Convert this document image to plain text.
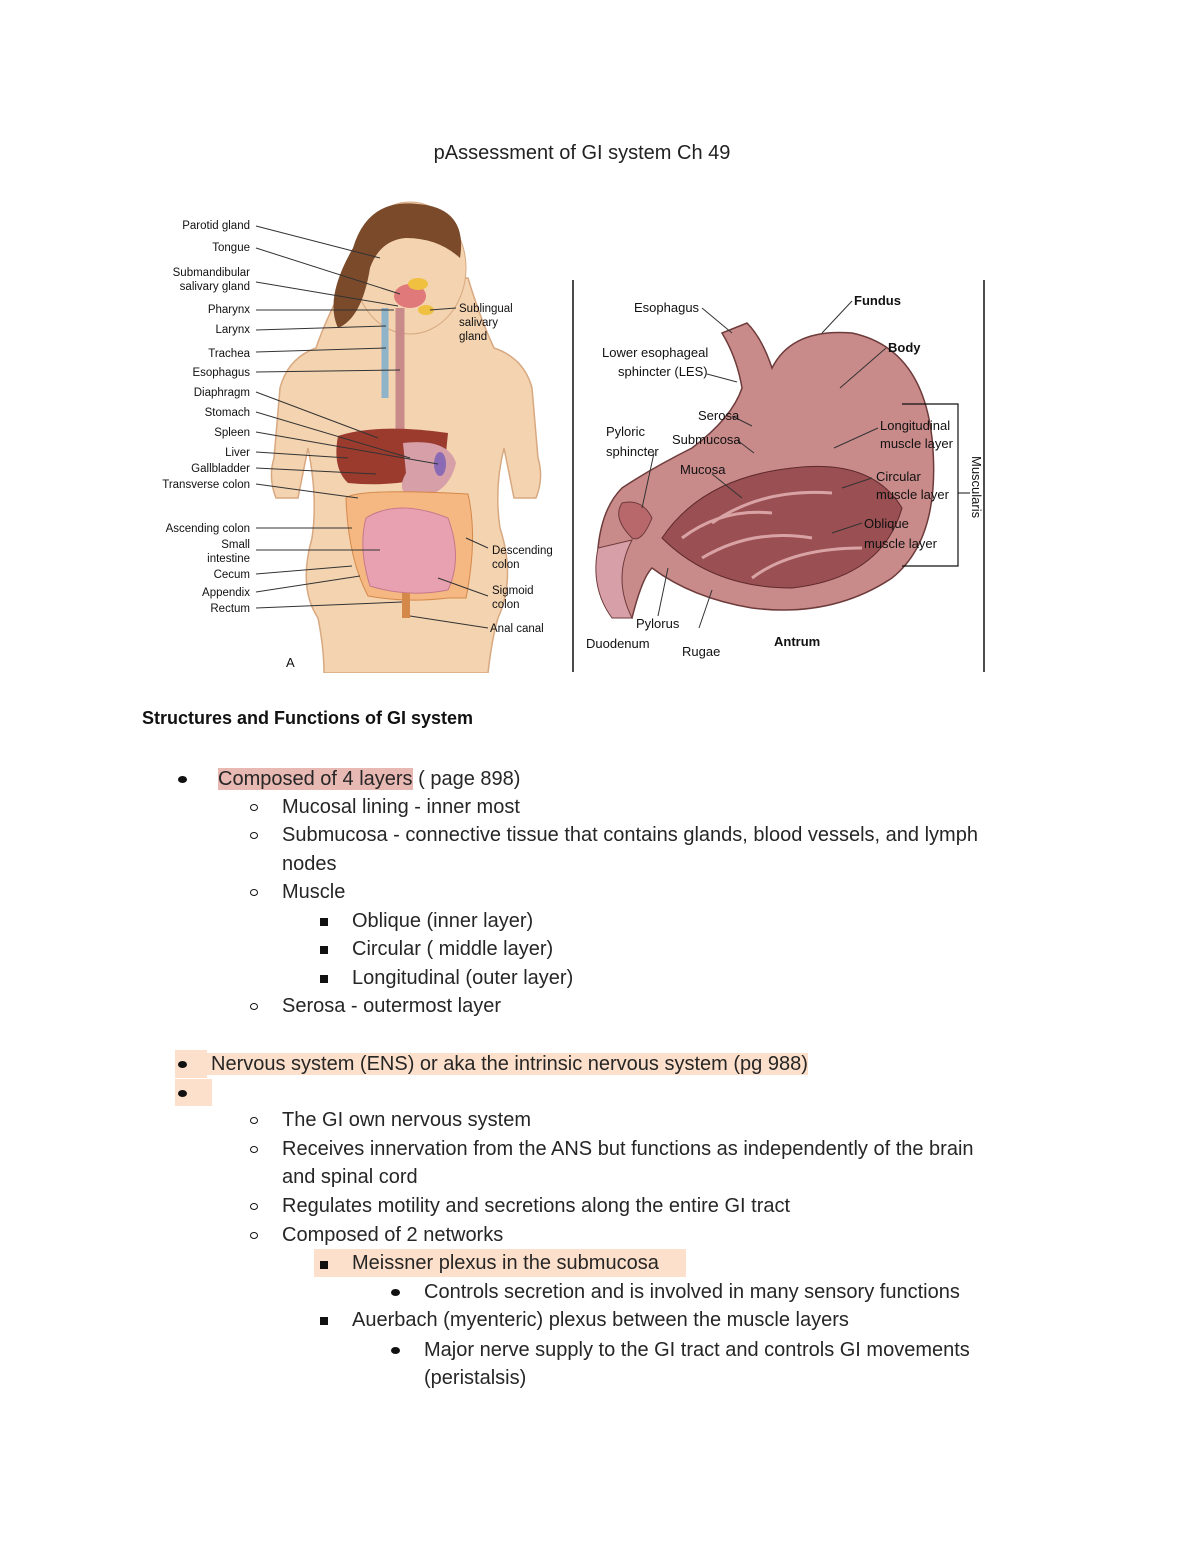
pAssessment of GI system Ch 49
Parotid gland
Tongue
Submandibular
salivary gland
Pharynx
Larynx
Trachea
Esophagus
Diaphragm
Stomach
Spleen
Liver
Gallbladder
Transverse colon
Ascending colon
Small
intestine
Cecum
Appendix
Rectum
Sublingual
salivary
gland
Descending
colon
Sigmoid
colon
Anal canal
A
Esophagus
Lower esophageal
sphincter (LES)
Pyloric
sphincter
Serosa
Submucosa
Mucosa
Duodenum
Pylorus
Rugae
Fundus
Body
Antrum
Longitudinal
muscle layer
Circular
muscle layer
Oblique
muscle layer
Muscularis
Structures and Functions of GI system
Composed of 4 layers ( page 898)
Mucosal lining - inner most
Submucosa - connective tissue that contains glands, blood vessels, and lymph
nodes
Muscle
Oblique (inner layer)
Circular ( middle layer)
Longitudinal (outer layer)
Serosa - outermost layer
Nervous system (ENS) or aka the intrinsic nervous system (pg 988)
The GI own nervous system
Receives innervation from the ANS but functions as independently of the brain
and spinal cord
Regulates motility and secretions along the entire GI tract
Composed of 2 networks
Meissner plexus in the submucosa
Controls secretion and is involved in many sensory functions
Auerbach (myenteric) plexus between the muscle layers
Major nerve supply to the GI tract and controls GI movements
(peristalsis)
